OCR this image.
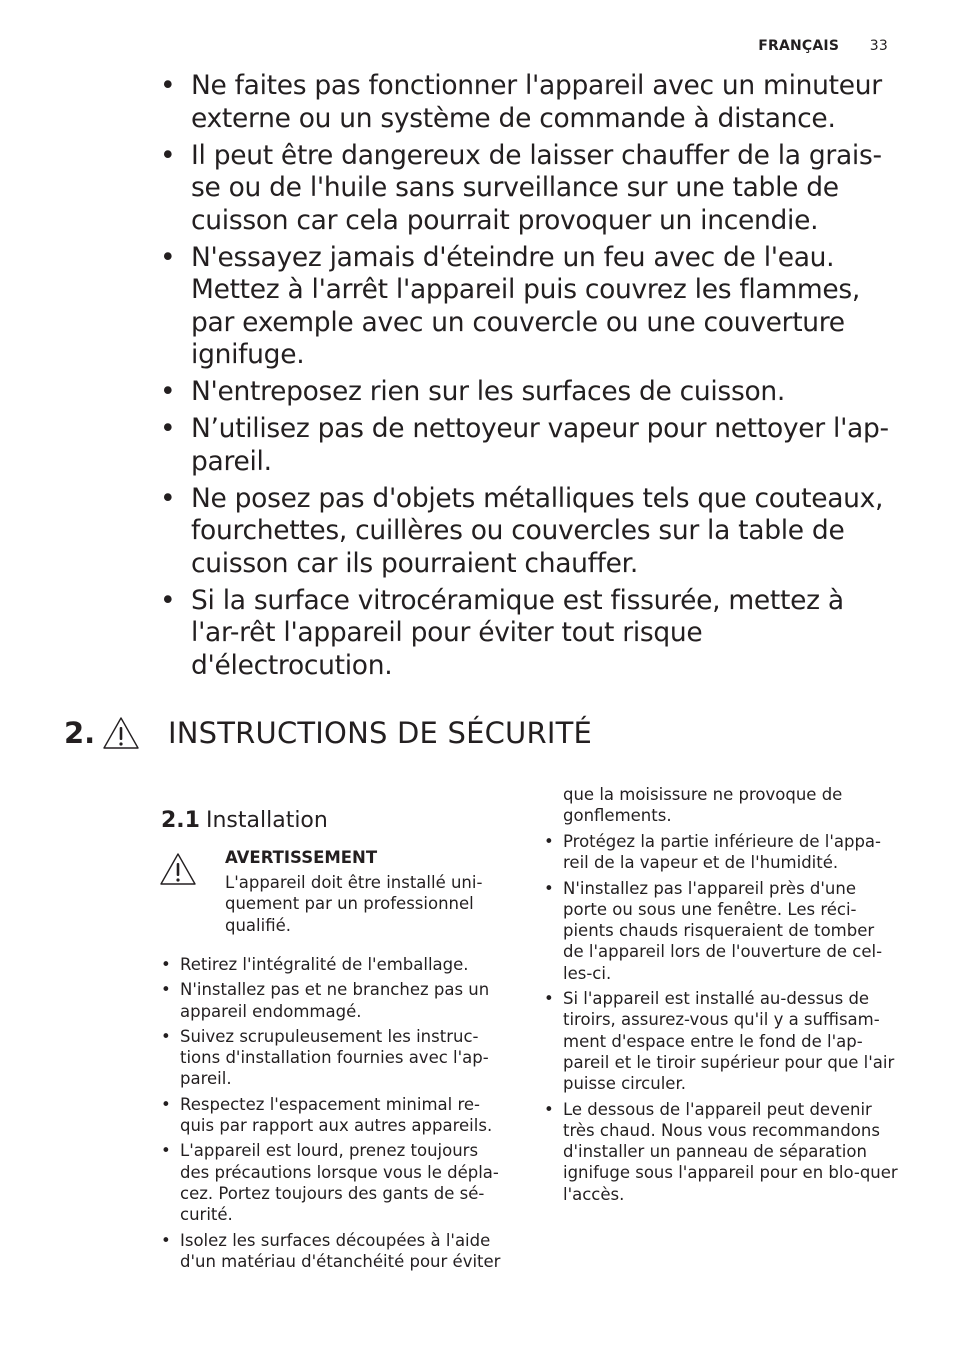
FRANÇAIS 33
• Ne faites pas fonctionner l'appareil avec un minuteur externe ou un système de commande à distance.
• Il peut être dangereux de laisser chauffer de la grais-se ou de l'huile sans surveillance sur une table de cuisson car cela pourrait provoquer un incendie.
• N'essayez jamais d'éteindre un feu avec de l'eau. Mettez à l'arrêt l'appareil puis couvrez les flammes, par exemple avec un couvercle ou une couverture ignifuge.
• N'entreposez rien sur les surfaces de cuisson.
• N’utilisez pas de nettoyeur vapeur pour nettoyer l'ap-pareil.
• Ne posez pas d'objets métalliques tels que couteaux, fourchettes, cuillères ou couvercles sur la table de cuisson car ils pourraient chauffer.
• Si la surface vitrocéramique est fissurée, mettez à l'ar-rêt l'appareil pour éviter tout risque d'électrocution.
2.	INSTRUCTIONS DE SÉCURITÉ
2.1 Installation
AVERTISSEMENT
L'appareil doit être installé uni-quement par un professionnel qualifié.
• Retirez l'intégralité de l'emballage.
• N'installez pas et ne branchez pas un appareil endommagé.
• Suivez scrupuleusement les instruc-tions d'installation fournies avec l'ap-pareil.
• Respectez l'espacement minimal re-quis par rapport aux autres appareils.
• L'appareil est lourd, prenez toujours des précautions lorsque vous le dépla-cez. Portez toujours des gants de sé-curité.
• Isolez les surfaces découpées à l'aide d'un matériau d'étanchéité pour éviter
que la moisissure ne provoque de gonflements.
• Protégez la partie inférieure de l'appa-reil de la vapeur et de l'humidité.
• N'installez pas l'appareil près d'une porte ou sous une fenêtre. Les réci-pients chauds risqueraient de tomber de l'appareil lors de l'ouverture de cel-les-ci.
• Si l'appareil est installé au-dessus de tiroirs, assurez-vous qu'il y a suffisam-ment d'espace entre le fond de l'ap-pareil et le tiroir supérieur pour que l'air puisse circuler.
• Le dessous de l'appareil peut devenir très chaud. Nous vous recommandons d'installer un panneau de séparation ignifuge sous l'appareil pour en blo-quer l'accès.
